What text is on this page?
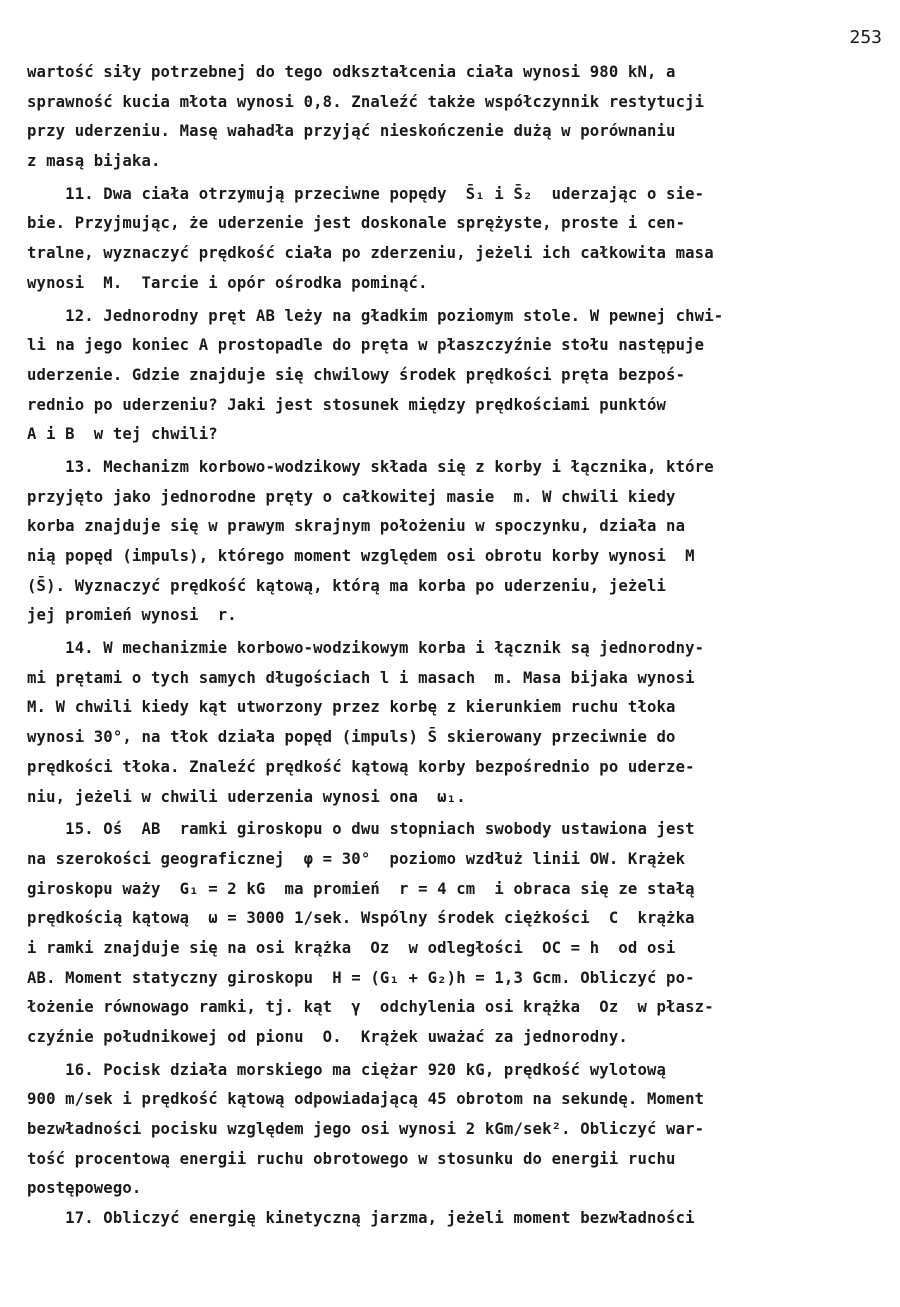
253
wartość siły potrzebnej do tego odkształcenia ciała wynosi 980 kN, a
sprawność kucia młota wynosi 0,8. Znaleźć także współczynnik restytucji
przy uderzeniu. Masę wahadła przyjąć nieskończenie dużą w porównaniu
z masą bijaka.
11. Dwa ciała otrzymują przeciwne popędy  S̄₁ i S̄₂  uderzając o sie-
bie. Przyjmując, że uderzenie jest doskonale sprężyste, proste i cen-
tralne, wyznaczyć prędkość ciała po zderzeniu, jeżeli ich całkowita masa
wynosi  M.  Tarcie i opór ośrodka pominąć.
12. Jednorodny pręt AB leży na gładkim poziomym stole. W pewnej chwi-
li na jego koniec A prostopadle do pręta w płaszczyźnie stołu następuje
uderzenie. Gdzie znajduje się chwilowy środek prędkości pręta bezpoś-
rednio po uderzeniu? Jaki jest stosunek między prędkościami punktów
A i B  w tej chwili?
13. Mechanizm korbowo-wodzikowy składa się z korby i łącznika, które
przyjęto jako jednorodne pręty o całkowitej masie  m. W chwili kiedy
korba znajduje się w prawym skrajnym położeniu w spoczynku, działa na
nią popęd (impuls), którego moment względem osi obrotu korby wynosi  M
(S̄). Wyznaczyć prędkość kątową, którą ma korba po uderzeniu, jeżeli
jej promień wynosi  r.
14. W mechanizmie korbowo-wodzikowym korba i łącznik są jednorodny-
mi prętami o tych samych długościach l i masach  m. Masa bijaka wynosi
M. W chwili kiedy kąt utworzony przez korbę z kierunkiem ruchu tłoka
wynosi 30°, na tłok działa popęd (impuls) S̄ skierowany przeciwnie do
prędkości tłoka. Znaleźć prędkość kątową korby bezpośrednio po uderze-
niu, jeżeli w chwili uderzenia wynosi ona  ω₁.
15. Oś  AB  ramki giroskopu o dwu stopniach swobody ustawiona jest
na szerokości geograficznej  φ = 30°  poziomo wzdłuż linii OW. Krążek
giroskopu waży  G₁ = 2 kG  ma promień  r = 4 cm  i obraca się ze stałą
prędkością kątową  ω = 3000 1/sek. Wspólny środek ciężkości  C  krążka
i ramki znajduje się na osi krążka  Oz  w odległości  OC = h  od osi
AB. Moment statyczny giroskopu  H = (G₁ + G₂)h = 1,3 Gcm. Obliczyć po-
łożenie równowago ramki, tj. kąt  γ  odchylenia osi krążka  Oz  w płasz-
czyźnie południkowej od pionu  O.  Krążek uważać za jednorodny.
16. Pocisk działa morskiego ma ciężar 920 kG, prędkość wylotową
900 m/sek i prędkość kątową odpowiadającą 45 obrotom na sekundę. Moment
bezwładności pocisku względem jego osi wynosi 2 kGm/sek². Obliczyć war-
tość procentową energii ruchu obrotowego w stosunku do energii ruchu
postępowego.
17. Obliczyć energię kinetyczną jarzma, jeżeli moment bezwładności
